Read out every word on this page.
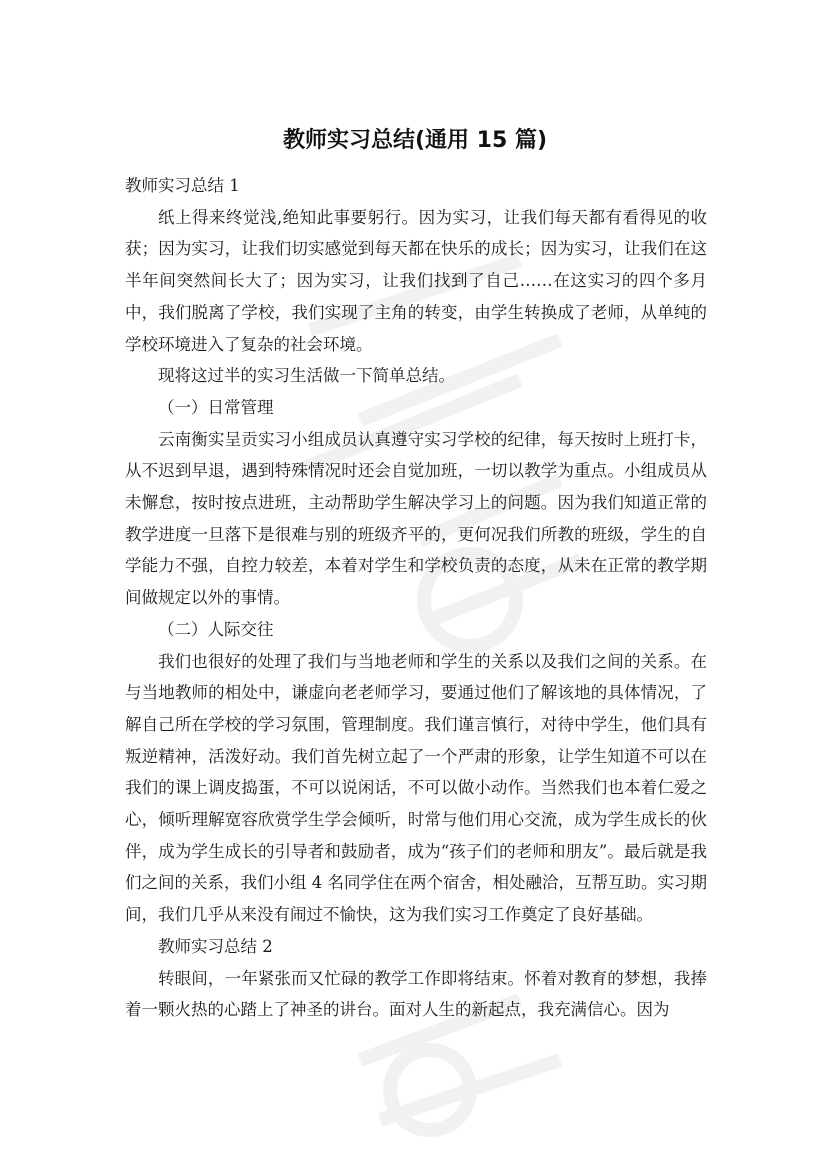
教师实习总结(通用 15 篇)

教师实习总结 1

纸上得来终觉浅,绝知此事要躬行。因为实习，让我们每天都有看得见的收获；因为实习，让我们切实感觉到每天都在快乐的成长；因为实习，让我们在这半年间突然间长大了；因为实习，让我们找到了自己……在这实习的四个多月中，我们脱离了学校，我们实现了主角的转变，由学生转换成了老师，从单纯的学校环境进入了复杂的社会环境。

现将这过半的实习生活做一下简单总结。

（一）日常管理

云南衡实呈贡实习小组成员认真遵守实习学校的纪律，每天按时上班打卡，从不迟到早退，遇到特殊情况时还会自觉加班，一切以教学为重点。小组成员从未懈怠，按时按点进班，主动帮助学生解决学习上的问题。因为我们知道正常的教学进度一旦落下是很难与别的班级齐平的，更何况我们所教的班级，学生的自学能力不强，自控力较差，本着对学生和学校负责的态度，从未在正常的教学期间做规定以外的事情。

（二）人际交往

我们也很好的处理了我们与当地老师和学生的关系以及我们之间的关系。在与当地教师的相处中，谦虚向老老师学习，要通过他们了解该地的具体情况，了解自己所在学校的学习氛围，管理制度。我们谨言慎行，对待中学生，他们具有叛逆精神，活泼好动。我们首先树立起了一个严肃的形象，让学生知道不可以在我们的课上调皮捣蛋，不可以说闲话，不可以做小动作。当然我们也本着仁爱之心，倾听理解宽容欣赏学生学会倾听，时常与他们用心交流，成为学生成长的伙伴，成为学生成长的引导者和鼓励者，成为“孩子们的老师和朋友”。最后就是我们之间的关系，我们小组 4 名同学住在两个宿舍，相处融洽，互帮互助。实习期间，我们几乎从来没有闹过不愉快，这为我们实习工作奠定了良好基础。

教师实习总结 2

转眼间，一年紧张而又忙碌的教学工作即将结束。怀着对教育的梦想，我捧着一颗火热的心踏上了神圣的讲台。面对人生的新起点，我充满信心。因为
